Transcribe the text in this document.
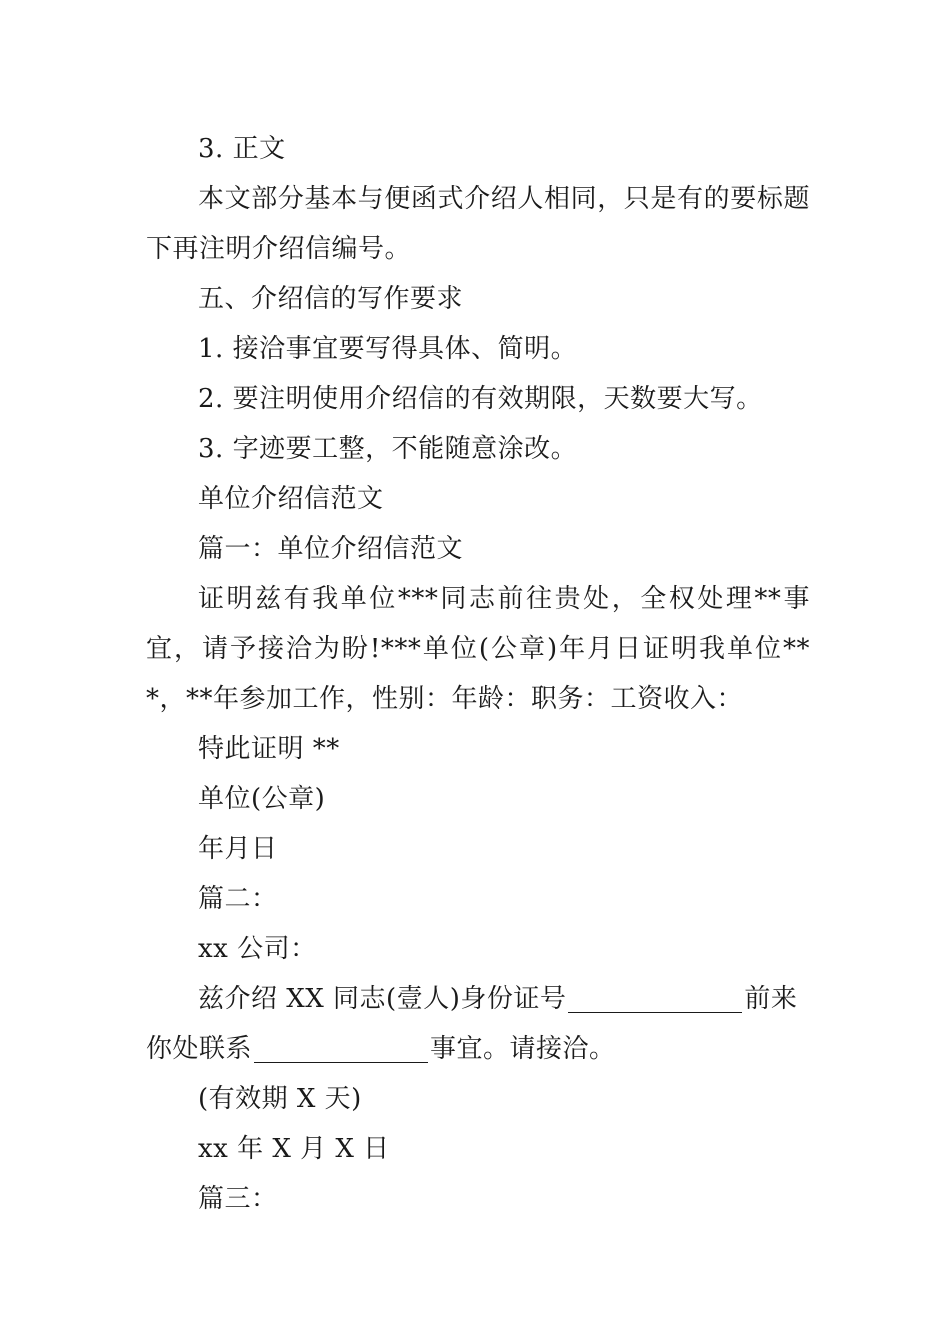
3. 正文

本文部分基本与便函式介绍人相同，只是有的要标题下再注明介绍信编号。

五、介绍信的写作要求

1. 接洽事宜要写得具体、简明。

2. 要注明使用介绍信的有效期限，天数要大写。

3. 字迹要工整，不能随意涂改。

单位介绍信范文

篇一：单位介绍信范文

证明兹有我单位***同志前往贵处，全权处理**事宜，请予接洽为盼!***单位(公章)年月日证明我单位***，**年参加工作，性别：年龄：职务：工资收入：

特此证明 **

单位(公章)

年月日

篇二：

xx 公司：

兹介绍 XX 同志(壹人)身份证号	前来你处联系	事宜。请接洽。

(有效期 X 天)

xx 年 X 月 X 日

篇三：
